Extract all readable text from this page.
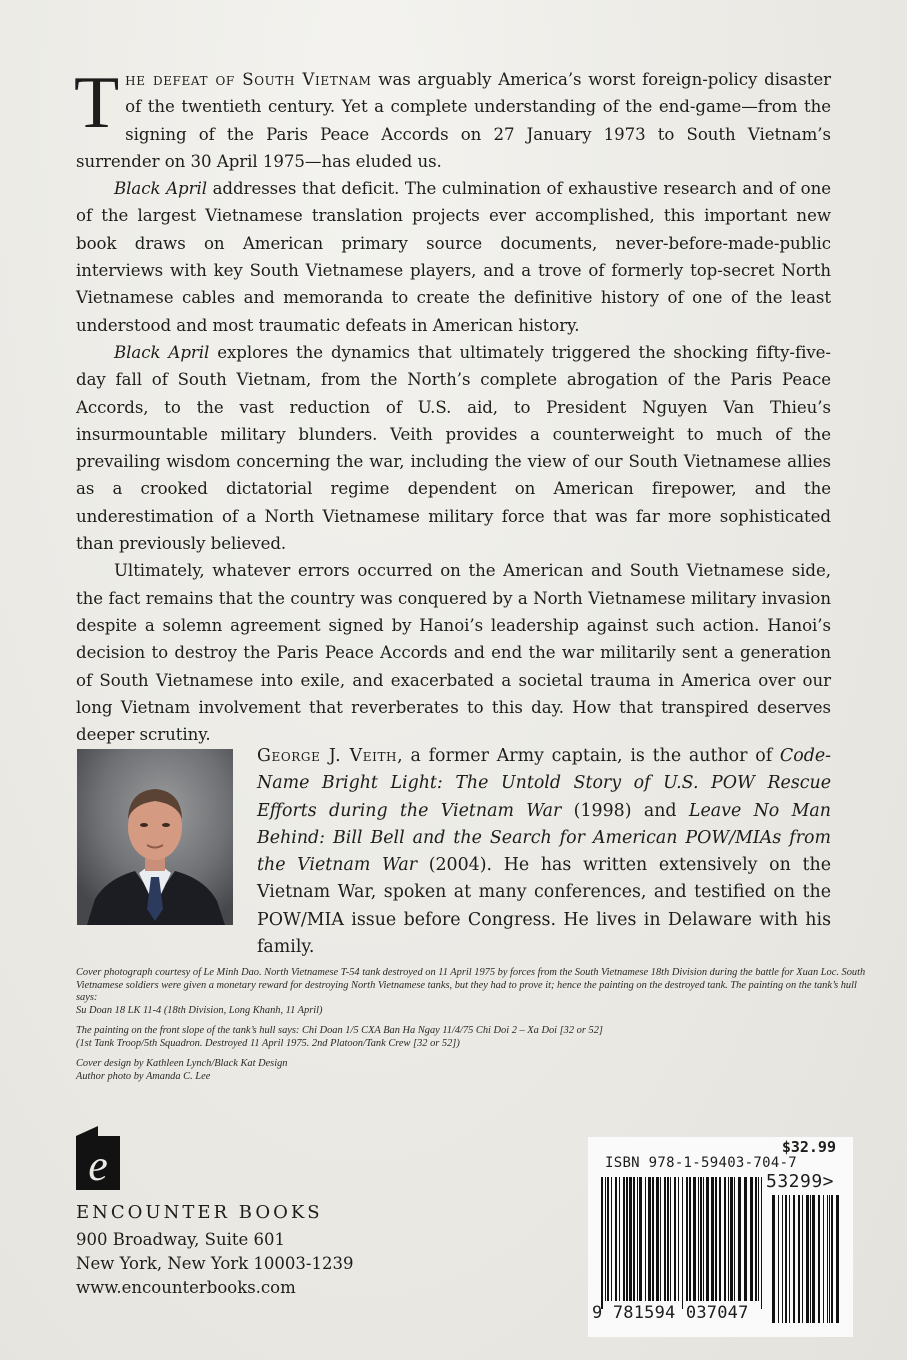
The defeat of South Vietnam was arguably America’s worst foreign-policy disaster of the twentieth century. Yet a complete understanding of the end-game—from the signing of the Paris Peace Accords on 27 January 1973 to South Vietnam’s surrender on 30 April 1975—has eluded us.

Black April addresses that deficit. The culmination of exhaustive research and of one of the largest Vietnamese translation projects ever accomplished, this important new book draws on American primary source documents, never-before-made-public interviews with key South Vietnamese players, and a trove of formerly top-secret North Vietnamese cables and memoranda to create the definitive history of one of the least understood and most traumatic defeats in American history.

Black April explores the dynamics that ultimately triggered the shocking fifty-five-day fall of South Vietnam, from the North’s complete abrogation of the Paris Peace Accords, to the vast reduction of U.S. aid, to President Nguyen Van Thieu’s insurmountable military blunders. Veith provides a counterweight to much of the prevailing wisdom concerning the war, including the view of our South Vietnamese allies as a crooked dictatorial regime dependent on American firepower, and the underestimation of a North Vietnamese military force that was far more sophisticated than previously believed.

Ultimately, whatever errors occurred on the American and South Vietnamese side, the fact remains that the country was conquered by a North Vietnamese military invasion despite a solemn agreement signed by Hanoi’s leadership against such action. Hanoi’s decision to destroy the Paris Peace Accords and end the war militarily sent a generation of South Vietnamese into exile, and exacerbated a societal trauma in America over our long Vietnam involvement that reverberates to this day. How that transpired deserves deeper scrutiny.

George J. Veith, a former Army captain, is the author of Code-Name Bright Light: The Untold Story of U.S. POW Rescue Efforts during the Vietnam War (1998) and Leave No Man Behind: Bill Bell and the Search for American POW/MIAs from the Vietnam War (2004). He has written extensively on the Vietnam War, spoken at many conferences, and testified on the POW/MIA issue before Congress. He lives in Delaware with his family.

Cover photograph courtesy of Le Minh Dao. North Vietnamese T-54 tank destroyed on 11 April 1975 by forces from the South Vietnamese 18th Division during the battle for Xuan Loc. South Vietnamese soldiers were given a monetary reward for destroying North Vietnamese tanks, but they had to prove it; hence the painting on the destroyed tank. The painting on the tank’s hull says:
Su Doan 18 LK 11-4 (18th Division, Long Khanh, 11 April)

The painting on the front slope of the tank’s hull says: Chi Doan 1/5 CXA Ban Ha Ngay 11/4/75 Chi Doi 2 – Xa Doi [32 or 52]
(1st Tank Troop/5th Squadron. Destroyed 11 April 1975. 2nd Platoon/Tank Crew [32 or 52])

Cover design by Kathleen Lynch/Black Kat Design
Author photo by Amanda C. Lee

e
ENCOUNTER BOOKS
900 Broadway, Suite 601
New York, New York 10003-1239
www.encounterbooks.com
$32.99
ISBN 978-1-59403-704-7
53299>
9 781594 037047
